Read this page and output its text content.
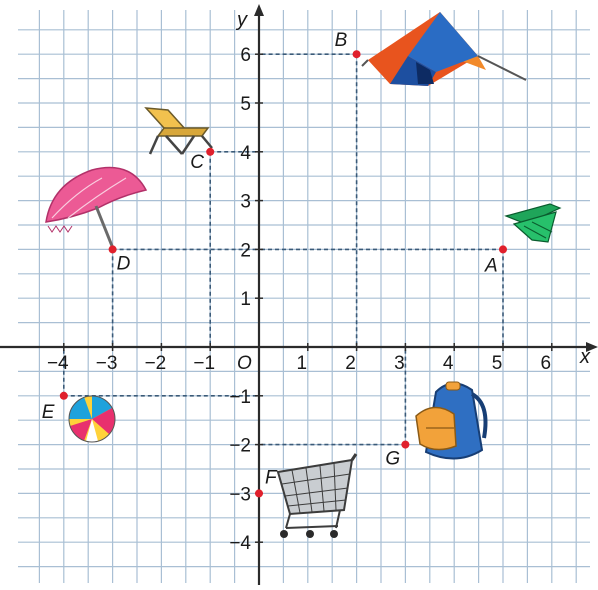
x
y
O
−4 −3 −2 −1	1 2 3 4 5 6
6
5
4
3
2
1
−1
−2
−3
−4
A
B
C
D
E
F
G
